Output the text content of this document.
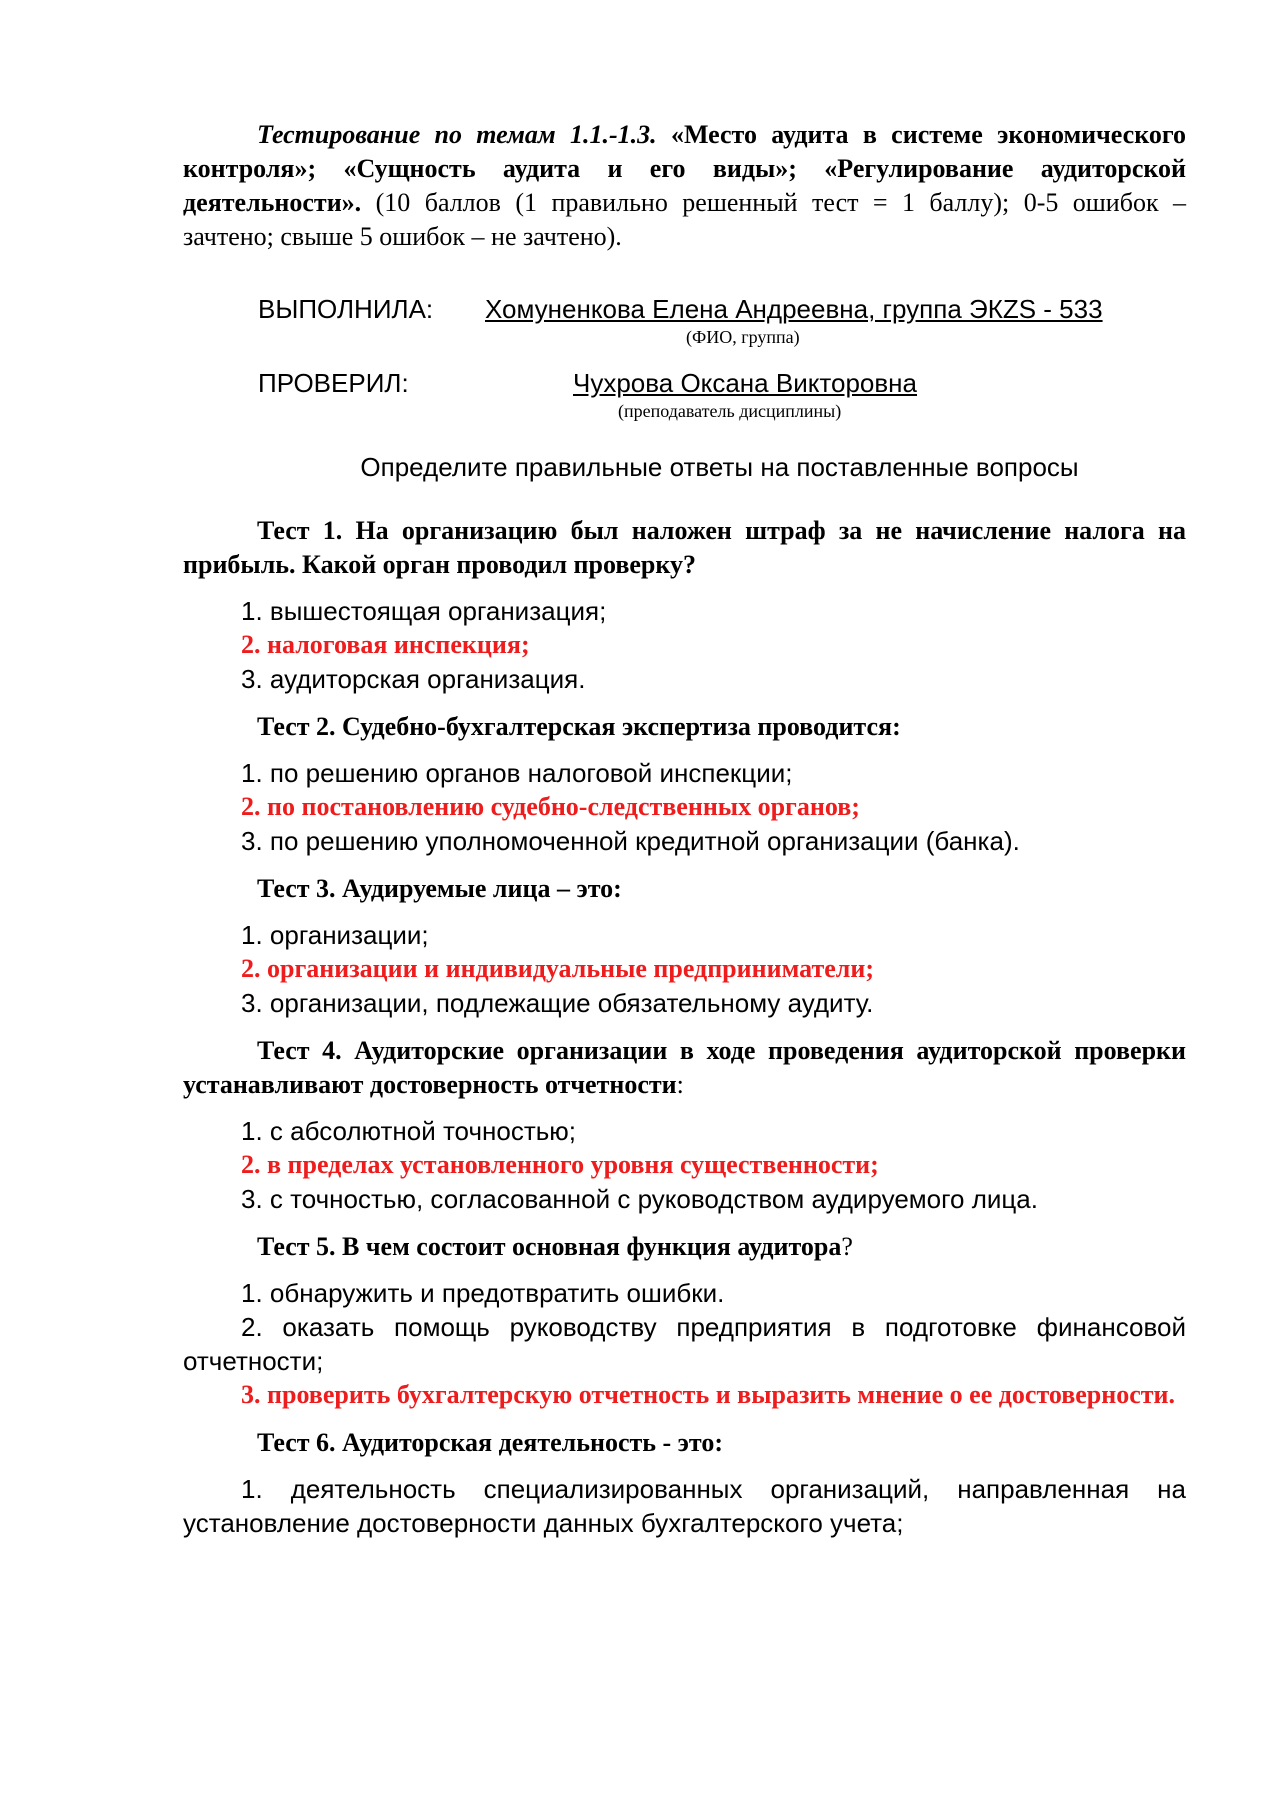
Тестирование по темам 1.1.-1.3. «Место аудита в системе экономического контроля»; «Сущность аудита и его виды»; «Регулирование аудиторской деятельности». (10 баллов (1 правильно решенный тест = 1 баллу); 0-5 ошибок – зачтено; свыше 5 ошибок – не зачтено).

ВЫПОЛНИЛА: Хомуненкова Елена Андреевна, группа ЭКZS - 533
(ФИО, группа)
ПРОВЕРИЛ:	Чухрова Оксана Викторовна
(преподаватель дисциплины)

Определите правильные ответы на поставленные вопросы

Тест 1. На организацию был наложен штраф за не начисление налога на прибыль. Какой орган проводил проверку?

1. вышестоящая организация;

2. налоговая инспекция;

3. аудиторская организация.

Тест 2. Судебно-бухгалтерская экспертиза проводится:

1. по решению органов налоговой инспекции;

2. по постановлению судебно-следственных органов;

3. по решению уполномоченной кредитной организации (банка).

Тест 3. Аудируемые лица – это:

1. организации;

2. организации и индивидуальные предприниматели;

3. организации, подлежащие обязательному аудиту.

Тест 4. Аудиторские организации в ходе проведения аудиторской проверки устанавливают достоверность отчетности:

1. с абсолютной точностью;

2. в пределах установленного уровня существенности;

3. с точностью, согласованной с руководством аудируемого лица.

Тест 5. В чем состоит основная функция аудитора?

1. обнаружить и предотвратить ошибки.

2. оказать помощь руководству предприятия в подготовке финансовой отчетности;

3. проверить бухгалтерскую отчетность и выразить мнение о ее достоверности.

Тест 6. Аудиторская деятельность - это:

1. деятельность специализированных организаций, направленная на установление достоверности данных бухгалтерского учета;
